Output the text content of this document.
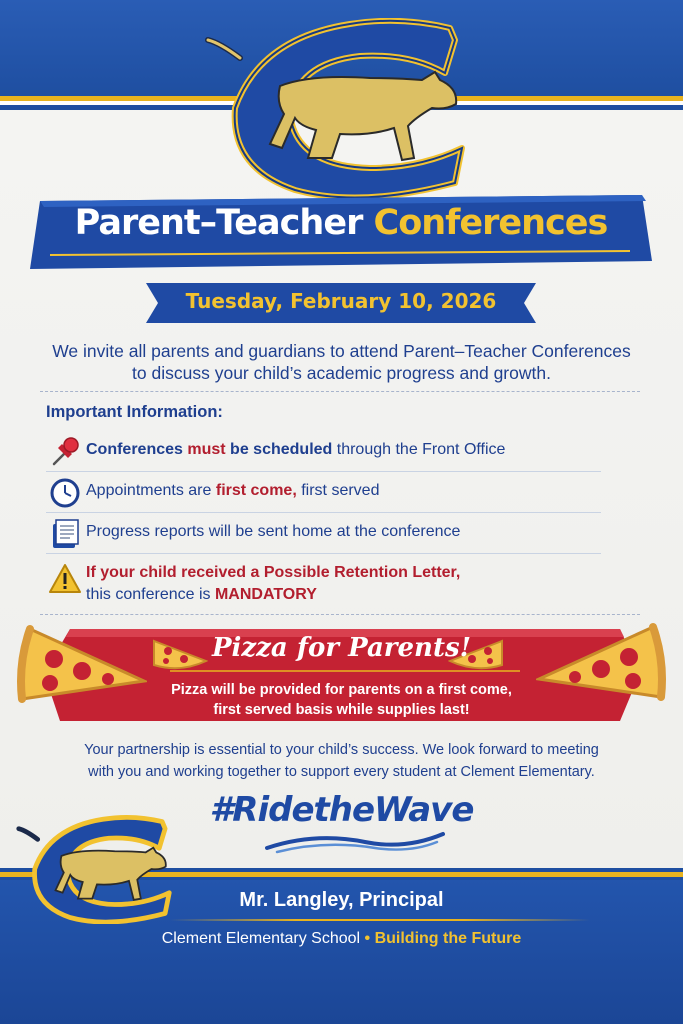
Parent–Teacher Conferences
Tuesday, February 10, 2026
We invite all parents and guardians to attend Parent–Teacher Conferences
to discuss your child’s academic progress and growth.
Important Information:
Conferences must be scheduled through the Front Office
Appointments are first come, first served
Progress reports will be sent home at the conference
If your child received a Possible Retention Letter,
this conference is MANDATORY
Pizza for Parents!
Pizza will be provided for parents on a first come,
first served basis while supplies last!
Your partnership is essential to your child’s success. We look forward to meeting
with you and working together to support every student at Clement Elementary.
#RidetheWave
Mr. Langley, Principal
Clement Elementary School • Building the Future
